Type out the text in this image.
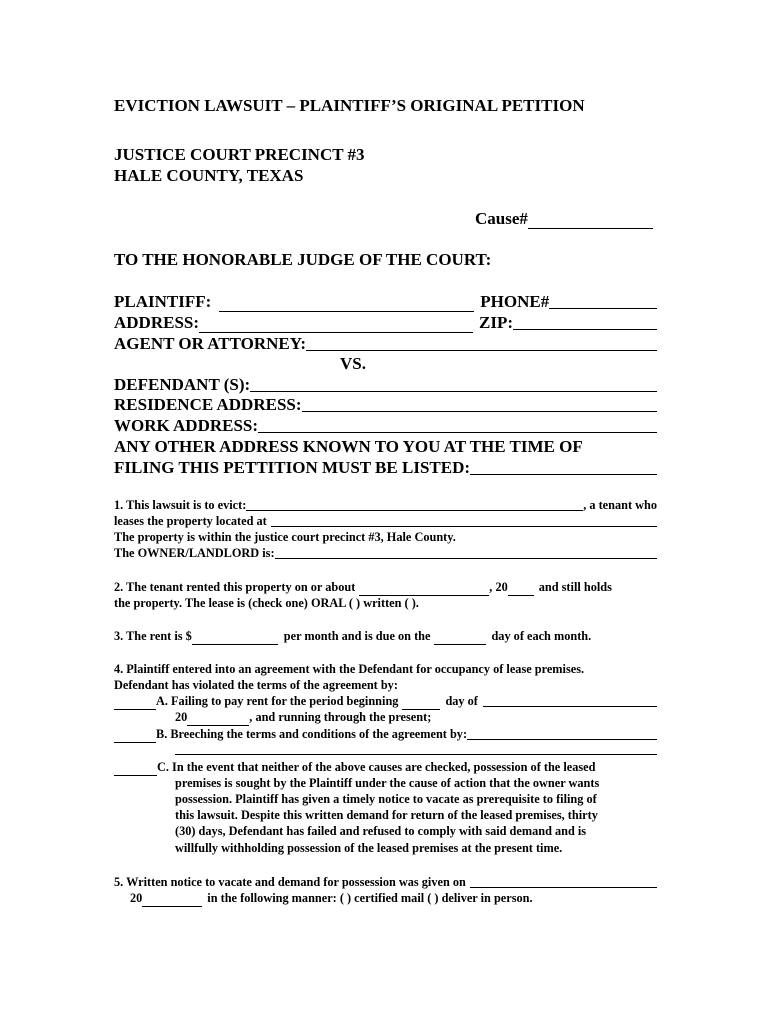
EVICTION LAWSUIT – PLAINTIFF’S ORIGINAL PETITION
JUSTICE COURT PRECINCT #3
HALE COUNTY, TEXAS
Cause#
TO THE HONORABLE JUDGE OF THE COURT:
PLAINTIFF:	PHONE#
ADDRESS:	ZIP:
AGENT OR ATTORNEY:
VS.
DEFENDANT (S):
RESIDENCE ADDRESS:
WORK ADDRESS:
ANY OTHER ADDRESS KNOWN TO YOU AT THE TIME OF
FILING THIS PETTITION MUST BE LISTED:
1. This lawsuit is to evict:	, a tenant who
leases the property located at
The property is within the justice court precinct #3, Hale County.
The OWNER/LANDLORD is:
2. The tenant rented this property on or about	, 20	and still holds
the property. The lease is (check one) ORAL ( ) written ( ).
3. The rent is $	per month and is due on the	day of each month.
4. Plaintiff entered into an agreement with the Defendant for occupancy of lease premises.
Defendant has violated the terms of the agreement by:
A. Failing to pay rent for the period beginning	day of
20	, and running through the present;
B. Breeching the terms and conditions of the agreement by:
C. In the event that neither of the above causes are checked, possession of the leased
premises is sought by the Plaintiff under the cause of action that the owner wants
possession. Plaintiff has given a timely notice to vacate as prerequisite to filing of
this lawsuit. Despite this written demand for return of the leased premises, thirty
(30) days, Defendant has failed and refused to comply with said demand and is
willfully withholding possession of the leased premises at the present time.
5. Written notice to vacate and demand for possession was given on
20	in the following manner: ( ) certified mail ( ) deliver in person.
